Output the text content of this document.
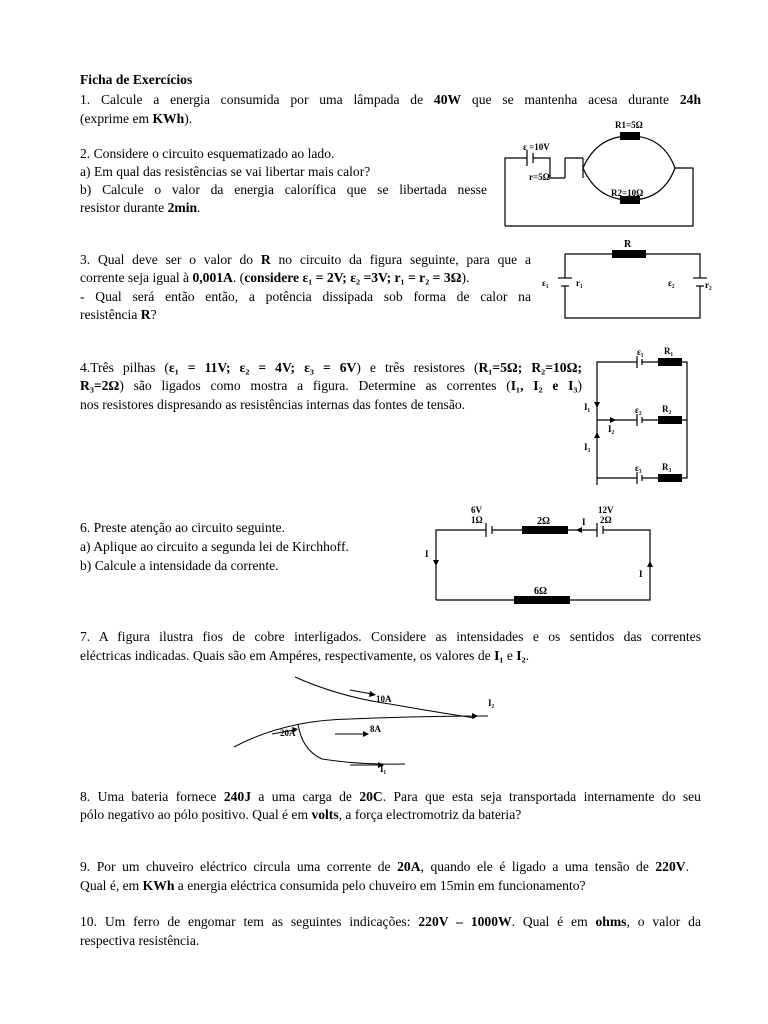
Ficha de Exercícios
1. Calcule a energia consumida por uma lâmpada de 40W que se mantenha acesa durante 24h
(exprime em KWh).
2. Considere o circuito esquematizado ao lado.
a) Em qual das resistências se vai libertar mais calor?
b) Calcule o valor da energia calorífica que se libertada nesse
resistor durante 2min.
ε =10V
r=5Ω
R1=5Ω
R2=10Ω
3. Qual deve ser o valor do R no circuito da figura seguinte, para que a
corrente seja igual à 0,001A. (considere ε₁ = 2V; ε₂ =3V; r₁ = r₂ = 3Ω).
- Qual será então então, a potência dissipada sob forma de calor na
resistência R?
R
ε₁	r₁	ε₂	r₂
4.Três pilhas (ε₁ = 11V; ε₂ = 4V; ε₃ = 6V) e três resistores (R₁=5Ω; R₂=10Ω;
R₃=2Ω) são ligados como mostra a figura. Determine as correntes (I₁, I₂ e I₃)
nos resistores dispresando as resistências internas das fontes de tensão.
ε₁ R₁
ε₂ R₂
ε₃ R₃
I₁
I₂
I₃
6. Preste atenção ao circuito seguinte.
a) Aplique ao circuito a segunda lei de Kirchhoff.
b) Calcule a intensidade da corrente.
6V
1Ω	2Ω	I
12V
2Ω
I
I
6Ω
7. A figura ilustra fios de cobre interligados. Considere as intensidades e os sentidos das correntes
eléctricas indicadas. Quais são em Ampéres, respectivamente, os valores de I₁ e I₂.
10A	I₂
20A	8A
I₁
8. Uma bateria fornece 240J a uma carga de 20C. Para que esta seja transportada internamente do seu
pólo negativo ao pólo positivo. Qual é em volts, a força electromotriz da bateria?
9. Por um chuveiro eléctrico circula uma corrente de 20A, quando ele é ligado a uma tensão de 220V.
Qual é, em KWh a energia eléctrica consumida pelo chuveiro em 15min em funcionamento?
10. Um ferro de engomar tem as seguintes indicações: 220V – 1000W. Qual é em ohms, o valor da
respectiva resistência.
